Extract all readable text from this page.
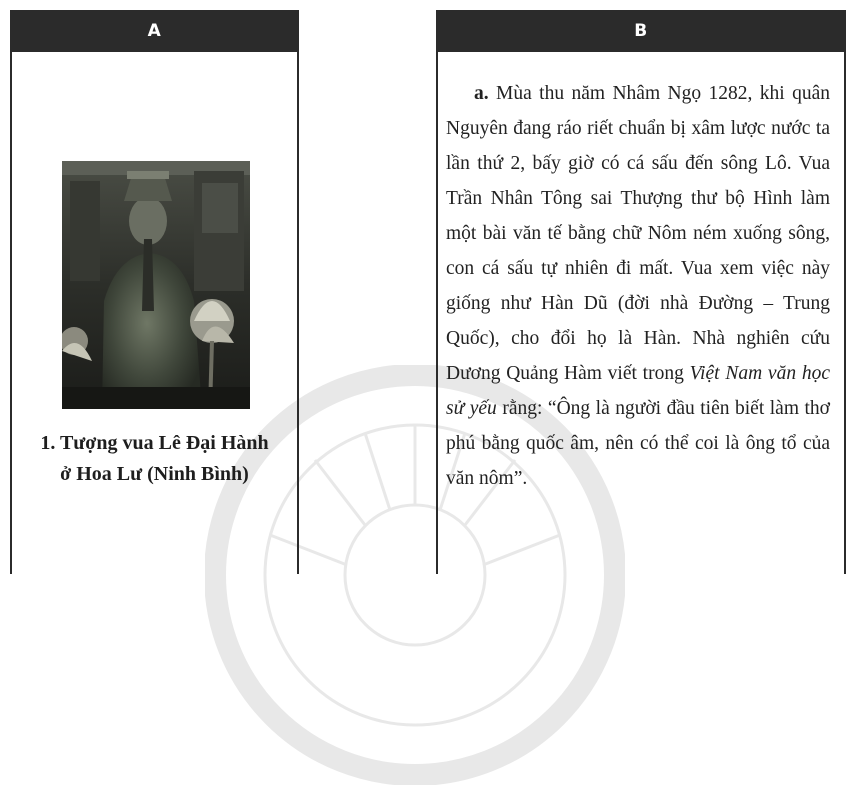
A
1. Tượng vua Lê Đại Hành
ở Hoa Lư (Ninh Bình)
B
a. Mùa thu năm Nhâm Ngọ 1282, khi quân Nguyên đang ráo riết chuẩn bị xâm lược nước ta lần thứ 2, bấy giờ có cá sấu đến sông Lô. Vua Trần Nhân Tông sai Thượng thư bộ Hình làm một bài văn tế bằng chữ Nôm ném xuống sông, con cá sấu tự nhiên đi mất. Vua xem việc này giống như Hàn Dũ (đời nhà Đường – Trung Quốc), cho đổi họ là Hàn. Nhà nghiên cứu Dương Quảng Hàm viết trong Việt Nam văn học sử yếu rằng: “Ông là người đầu tiên biết làm thơ phú bằng quốc âm, nên có thể coi là ông tổ của văn nôm”.
